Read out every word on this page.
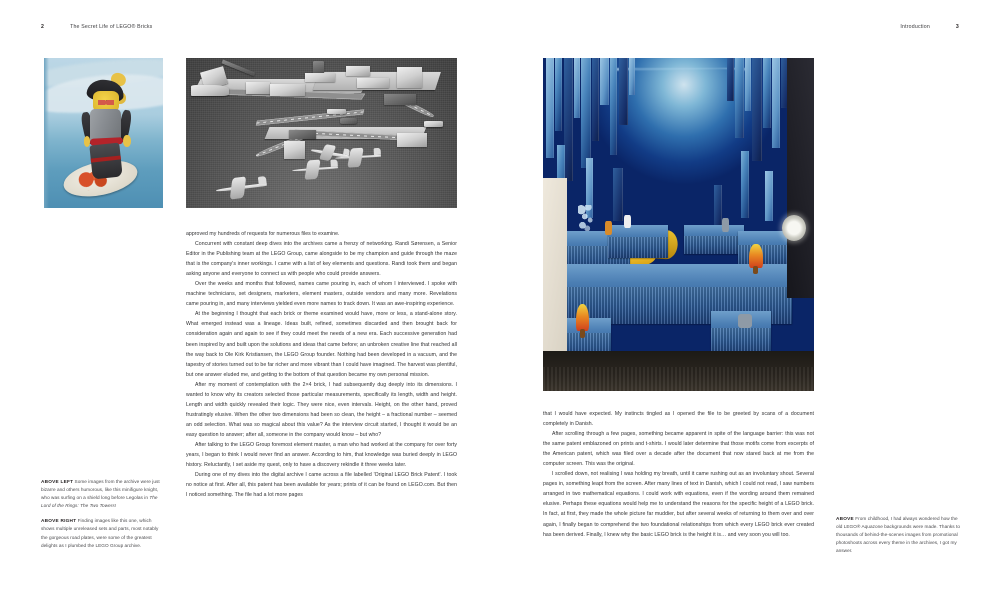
2	The Secret Life of LEGO® Bricks	Introduction	3

approved my hundreds of requests for numerous files to examine.

Concurrent with constant deep dives into the archives came a frenzy of networking. Randi Sørensen, a Senior Editor in the Publishing team at the LEGO Group, came alongside to be my champion and guide through the maze that is the company's inner workings. I came with a list of key elements and questions. Randi took them and began asking anyone and everyone to connect us with people who could provide answers.

Over the weeks and months that followed, names came pouring in, each of whom I interviewed. I spoke with machine technicians, set designers, marketers, element masters, outside vendors and many more. Revelations came pouring in, and many interviews yielded even more names to track down. It was an awe-inspiring experience.

At the beginning I thought that each brick or theme examined would have, more or less, a stand-alone story. What emerged instead was a lineage. Ideas built, refined, sometimes discarded and then brought back for consideration again and again to see if they could meet the needs of a new era. Each successive generation had been inspired by and built upon the solutions and ideas that came before; an unbroken creative line that reached all the way back to Ole Kirk Kristiansen, the LEGO Group founder. Nothing had been developed in a vacuum, and the tapestry of stories turned out to be far richer and more vibrant than I could have imagined. The harvest was plentiful, but one answer eluded me, and getting to the bottom of that question became my own personal mission.

After my moment of contemplation with the 2×4 brick, I had subsequently dug deeply into its dimensions. I wanted to know why its creators selected those particular measurements, specifically its length, width and height. Length and width quickly revealed their logic. They were nice, even intervals. Height, on the other hand, proved frustratingly elusive. When the other two dimensions had been so clean, the height – a fractional number – seemed an odd selection. What was so magical about this value? As the interview circuit started, I thought it would be an easy question to answer; after all, someone in the company would know – but who?

After talking to the LEGO Group foremost element master, a man who had worked at the company for over forty years, I began to think I would never find an answer. According to him, that knowledge was buried deeply in LEGO history. Reluctantly, I set aside my quest, only to have a discovery rekindle it three weeks later.

During one of my dives into the digital archive I came across a file labelled 'Original LEGO Brick Patent'. I took no notice at first. After all, this patent has been available for years; prints of it can be found on LEGO.com. But then I noticed something. The file had a lot more pages

that I would have expected. My instincts tingled as I opened the file to be greeted by scans of a document completely in Danish.

After scrolling through a few pages, something became apparent in spite of the language barrier: this was not the same patent emblazoned on prints and t-shirts. I would later determine that those motifs come from excerpts of the American patent, which was filed over a decade after the document that now stared back at me from the computer screen. This was the original.

I scrolled down, not realising I was holding my breath, until it came rushing out as an involuntary shout. Several pages in, something leapt from the screen. After many lines of text in Danish, which I could not read, I saw numbers arranged in two mathematical equations. I could work with equations, even if the wording around them remained elusive. Perhaps these equations would help me to understand the reasons for the specific height of a LEGO brick. In fact, at first, they made the whole picture far muddier, but after several weeks of returning to them over and over again, I finally began to comprehend the two foundational relationships from which every LEGO brick ever created has been derived. Finally, I knew why the basic LEGO brick is the height it is… and very soon you will too.

ABOVE LEFT Some images from the archive were just bizarre and others humorous, like this minifigure knight, who was surfing on a shield long before Legolas in The Lord of the Rings: The Two Towers!

ABOVE RIGHT Finding images like this one, which shows multiple unreleased sets and parts, most notably the gorgeous road plates, were some of the greatest delights as I plumbed the LEGO Group archive.

ABOVE From childhood, I had always wondered how the old LEGO® Aquazone backgrounds were made. Thanks to thousands of behind-the-scenes images from promotional photoshoots across every theme in the archives, I got my answer.
